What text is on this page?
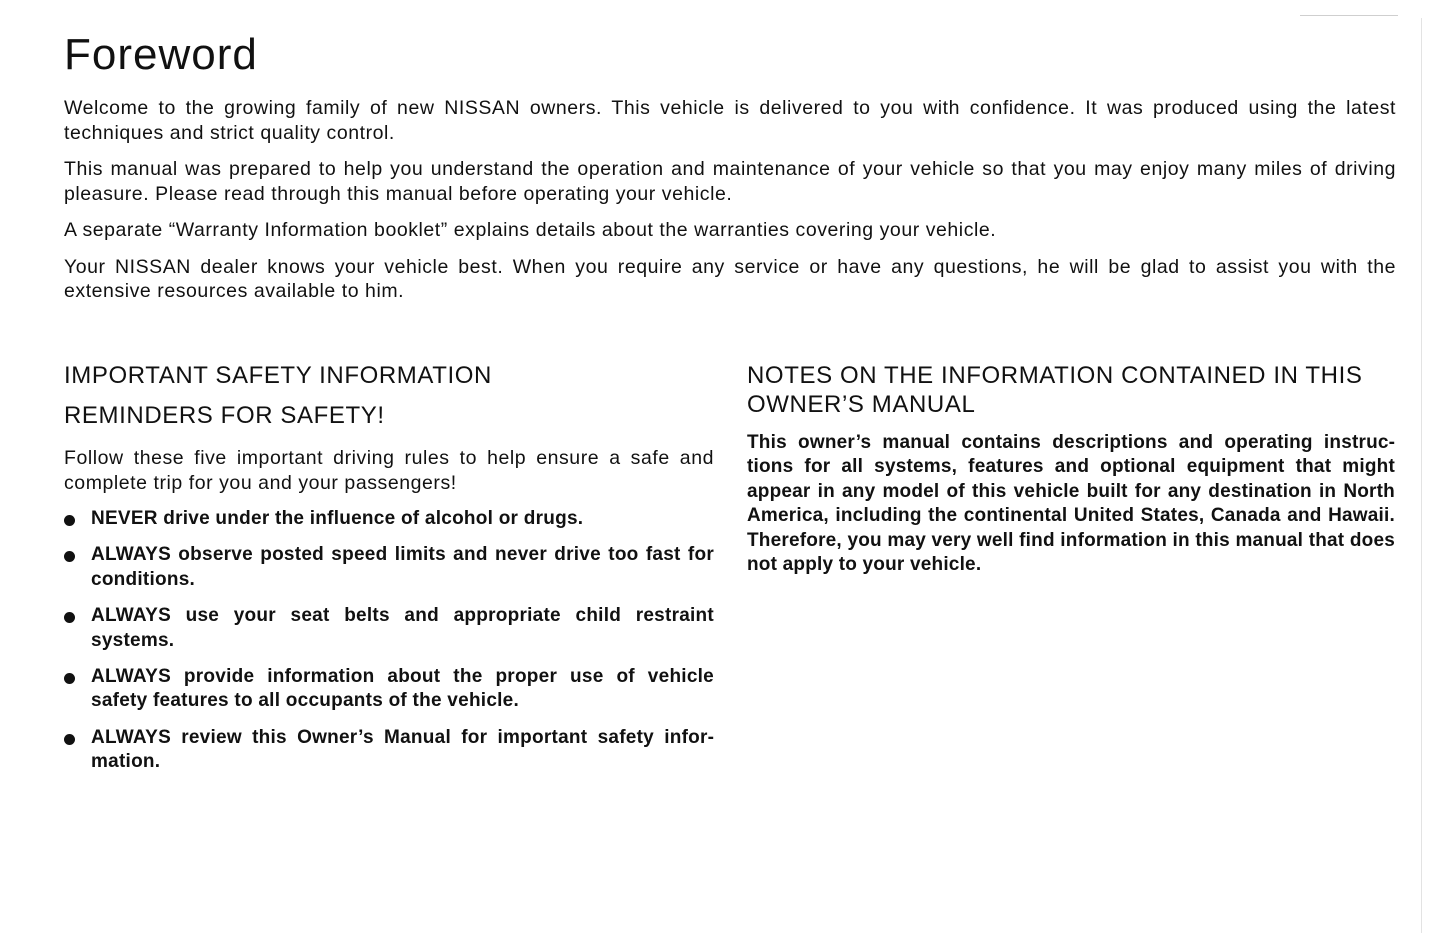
Foreword

Welcome to the growing family of new NISSAN owners. This vehicle is delivered to you with confidence. It was produced using the latest techniques and strict quality control.

This manual was prepared to help you understand the operation and maintenance of your vehicle so that you may enjoy many miles of driving pleasure. Please read through this manual before operating your vehicle.

A separate “Warranty Information booklet” explains details about the warranties covering your vehicle.

Your NISSAN dealer knows your vehicle best. When you require any service or have any questions, he will be glad to assist you with the extensive resources available to him.

IMPORTANT SAFETY INFORMATION
REMINDERS FOR SAFETY!

Follow these five important driving rules to help ensure a safe and complete trip for you and your passengers!

NEVER drive under the influence of alcohol or drugs.
ALWAYS observe posted speed limits and never drive too fast for conditions.
ALWAYS use your seat belts and appropriate child restraint systems.
ALWAYS provide information about the proper use of vehicle safety features to all occupants of the vehicle.
ALWAYS review this Owner’s Manual for important safety information.
NOTES ON THE INFORMATION CONTAINED IN THIS OWNER’S MANUAL

This owner’s manual contains descriptions and operating instructions for all systems, features and optional equipment that might appear in any model of this vehicle built for any destination in North America, including the continental United States, Canada and Hawaii. Therefore, you may very well find information in this manual that does not apply to your vehicle.
